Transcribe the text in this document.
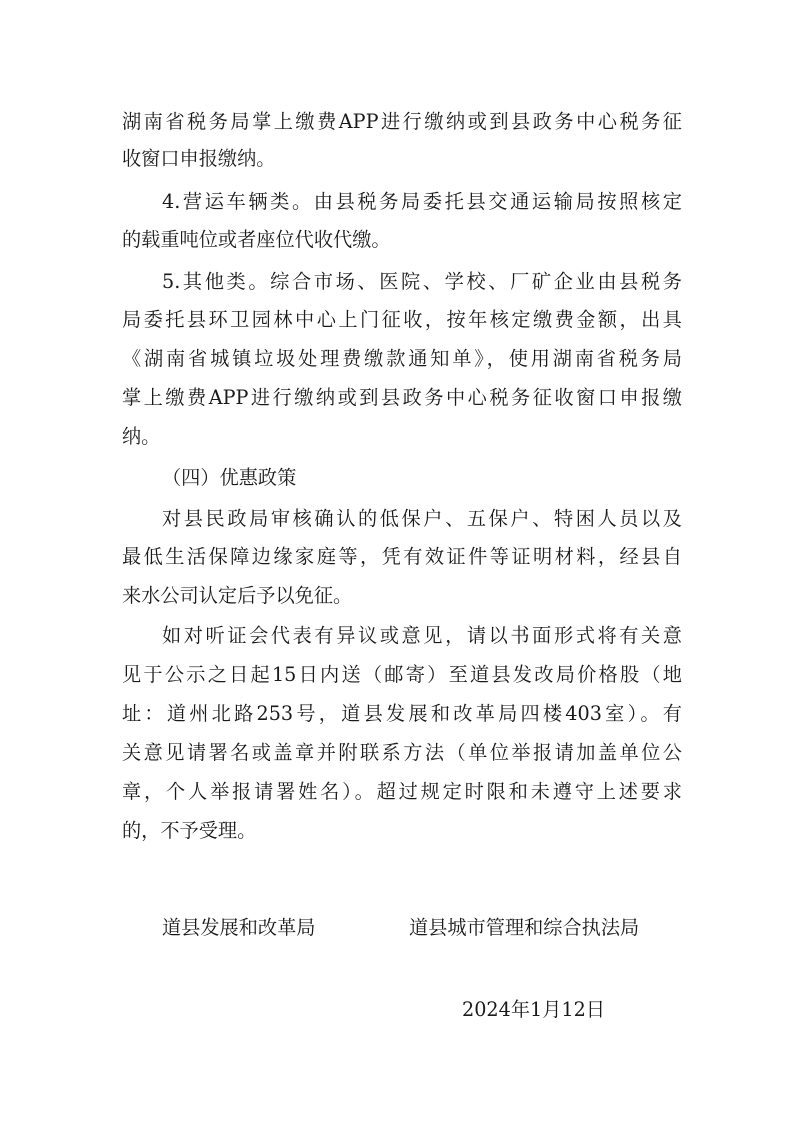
湖南省税务局掌上缴费APP进行缴纳或到县政务中心税务征
收窗口申报缴纳。
4.营运车辆类。由县税务局委托县交通运输局按照核定
的载重吨位或者座位代收代缴。
5.其他类。综合市场、医院、学校、厂矿企业由县税务
局委托县环卫园林中心上门征收，按年核定缴费金额，出具
《湖南省城镇垃圾处理费缴款通知单》，使用湖南省税务局
掌上缴费APP进行缴纳或到县政务中心税务征收窗口申报缴
纳。
（四）优惠政策
对县民政局审核确认的低保户、五保户、特困人员以及
最低生活保障边缘家庭等，凭有效证件等证明材料，经县自
来水公司认定后予以免征。
如对听证会代表有异议或意见，请以书面形式将有关意
见于公示之日起15日内送（邮寄）至道县发改局价格股（地
址：道州北路253号，道县发展和改革局四楼403室）。有
关意见请署名或盖章并附联系方法（单位举报请加盖单位公
章，个人举报请署姓名）。超过规定时限和未遵守上述要求
的，不予受理。
道县发展和改革局	道县城市管理和综合执法局
2024年1月12日
